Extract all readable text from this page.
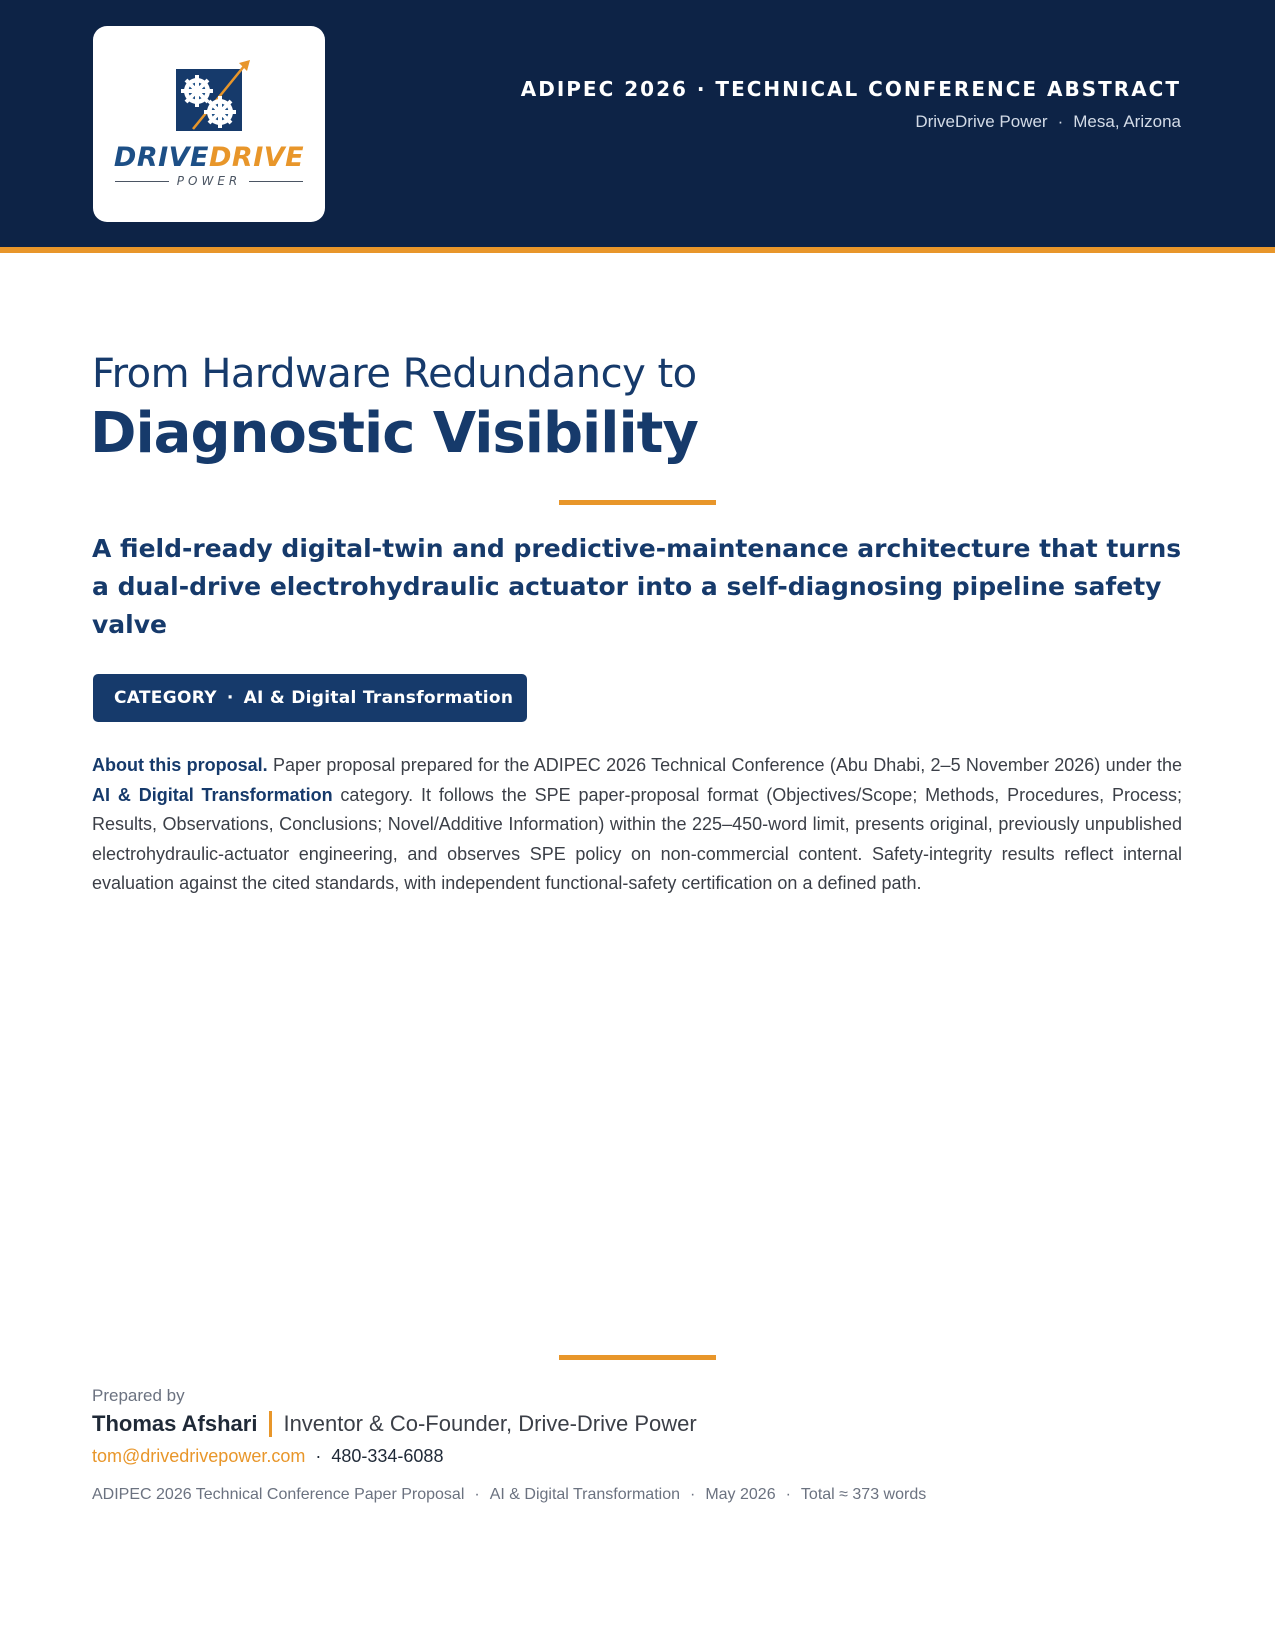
DRIVEDRIVE
POWER
ADIPEC 2026 · TECHNICAL CONFERENCE ABSTRACT
DriveDrive Power · Mesa, Arizona
From Hardware Redundancy to
Diagnostic Visibility
A field-ready digital-twin and predictive-maintenance architecture that turns a dual-drive electrohydraulic actuator into a self-diagnosing pipeline safety valve
CATEGORY · AI & Digital Transformation
About this proposal. Paper proposal prepared for the ADIPEC 2026 Technical Conference (Abu Dhabi, 2–5 November 2026) under the AI & Digital Transformation category. It follows the SPE paper-proposal format (Objectives/Scope; Methods, Procedures, Process; Results, Observations, Conclusions; Novel/Additive Information) within the 225–450-word limit, presents original, previously unpublished electrohydraulic-actuator engineering, and observes SPE policy on non-commercial content. Safety-integrity results reflect internal evaluation against the cited standards, with independent functional-safety certification on a defined path.
Prepared by
Thomas Afshari Inventor & Co-Founder, Drive-Drive Power
tom@drivedrivepower.com · 480-334-6088
ADIPEC 2026 Technical Conference Paper Proposal · AI & Digital Transformation · May 2026 · Total ≈ 373 words
